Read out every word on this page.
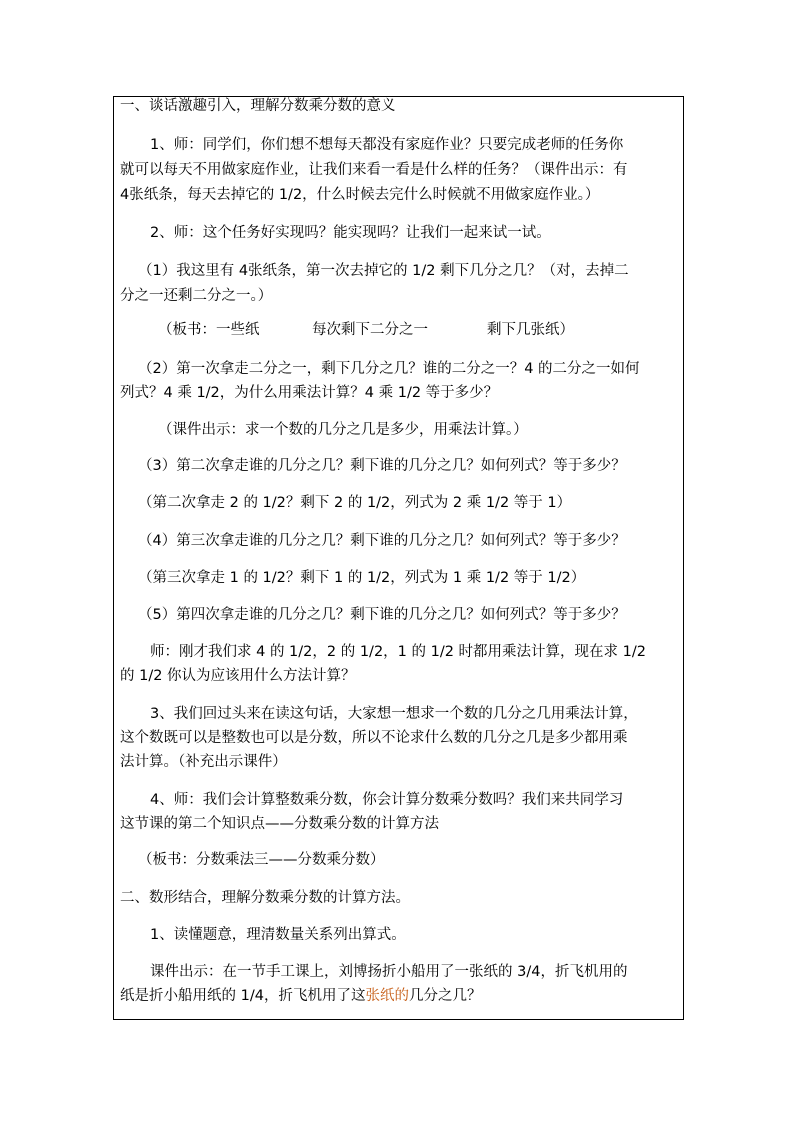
一、谈话激趣引入，理解分数乘分数的意义

1、师：同学们，你们想不想每天都没有家庭作业？只要完成老师的任务你

就可以每天不用做家庭作业，让我们来看一看是什么样的任务？（课件出示：有

4张纸条，每天去掉它的 1/2，什么时候去完什么时候就不用做家庭作业。）

2、师：这个任务好实现吗？能实现吗？让我们一起来试一试。

（1）我这里有 4张纸条，第一次去掉它的 1/2 剩下几分之几？（对，去掉二

分之一还剩二分之一。）

（板书：一些纸	每次剩下二分之一	剩下几张纸）

（2）第一次拿走二分之一，剩下几分之几？谁的二分之一？4 的二分之一如何

列式？4 乘 1/2，为什么用乘法计算？4 乘 1/2 等于多少？

（课件出示：求一个数的几分之几是多少，用乘法计算。）

（3）第二次拿走谁的几分之几？剩下谁的几分之几？如何列式？等于多少？

（第二次拿走 2 的 1/2？剩下 2 的 1/2，列式为 2 乘 1/2 等于 1）

（4）第三次拿走谁的几分之几？剩下谁的几分之几？如何列式？等于多少？

（第三次拿走 1 的 1/2？剩下 1 的 1/2，列式为 1 乘 1/2 等于 1/2）

（5）第四次拿走谁的几分之几？剩下谁的几分之几？如何列式？等于多少？

师：刚才我们求 4 的 1/2，2 的 1/2，1 的 1/2 时都用乘法计算，现在求 1/2

的 1/2 你认为应该用什么方法计算？

3、我们回过头来在读这句话，大家想一想求一个数的几分之几用乘法计算，

这个数既可以是整数也可以是分数，所以不论求什么数的几分之几是多少都用乘

法计算。（补充出示课件）

4、师：我们会计算整数乘分数，你会计算分数乘分数吗？我们来共同学习

这节课的第二个知识点——分数乘分数的计算方法

（板书：分数乘法三——分数乘分数）

二、数形结合，理解分数乘分数的计算方法。

1、读懂题意，理清数量关系列出算式。

课件出示：在一节手工课上，刘博扬折小船用了一张纸的 3/4，折飞机用的

纸是折小船用纸的 1/4，折飞机用了这张纸的几分之几？
